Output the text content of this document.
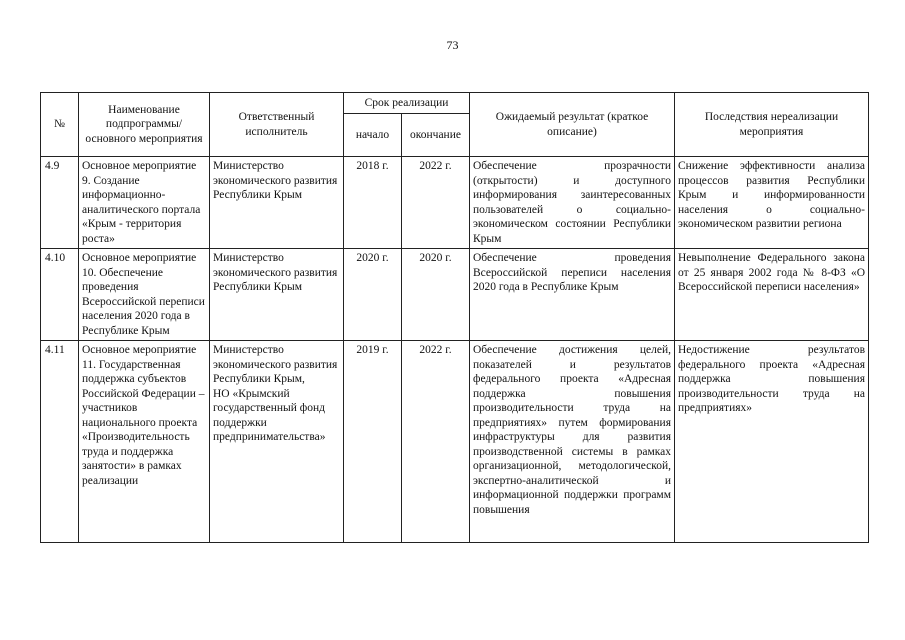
73
№	Наименование подпрограммы/ основного мероприятия	Ответственный исполнитель	Срок реализации		Ожидаемый результат (краткое описание)	Последствия нереализации мероприятия
			начало	окончание		
4.9	Основное мероприятие 9. Создание информационно-аналитического портала «Крым - территория роста»	Министерство экономического развития Республики Крым	2018 г.	2022 г.	Обеспечение прозрачности (открытости) и доступного информирования заинтересованных пользователей о социально-экономическом состоянии Республики Крым	Снижение эффективности анализа процессов развития Республики Крым и информированности населения о социально-экономическом развитии региона
4.10	Основное мероприятие 10. Обеспечение проведения Всероссийской переписи населения 2020 года в Республике Крым	Министерство экономического развития Республики Крым	2020 г.	2020 г.	Обеспечение проведения Всероссийской переписи населения 2020 года в Республике Крым	Невыполнение Федерального закона от 25 января 2002 года № 8-ФЗ «О Всероссийской переписи населения»
4.11	Основное мероприятие 11. Государственная поддержка субъектов Российской Федерации – участников национального проекта «Производительность труда и поддержка занятости» в рамках реализации	Министерство экономического развития Республики Крым,
НО «Крымский государственный фонд поддержки предпринимательства»	2019 г.	2022 г.	Обеспечение достижения целей, показателей и результатов федерального проекта «Адресная поддержка повышения производительности труда на предприятиях» путем формирования инфраструктуры для развития производственной системы в рамках организационной, методологической, экспертно-аналитической и информационной поддержки программ повышения	Недостижение результатов федерального проекта «Адресная поддержка повышения производительности труда на предприятиях»
